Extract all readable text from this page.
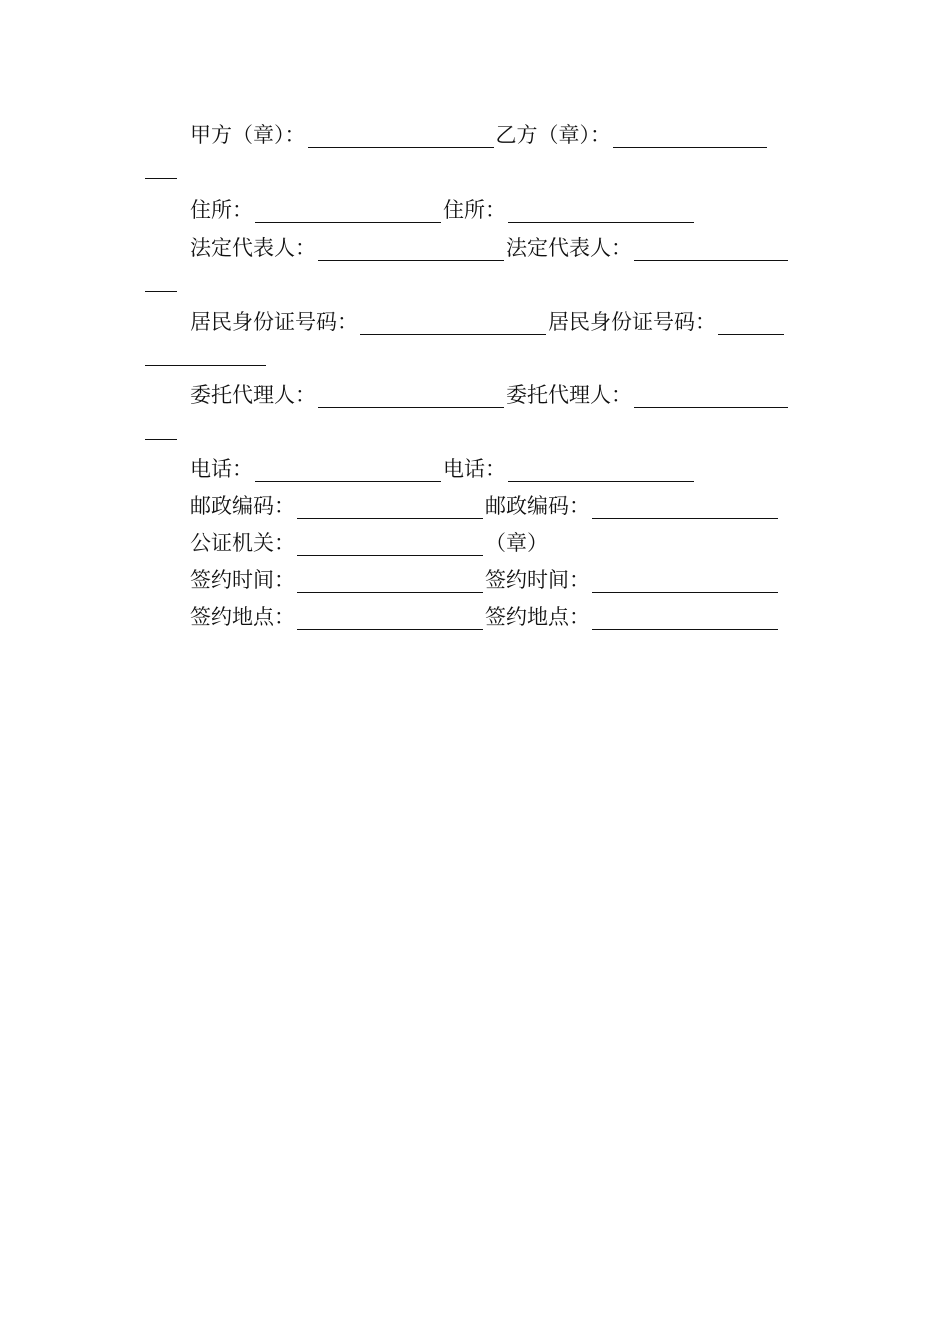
甲方（章）：	乙方（章）：
住所：	住所：
法定代表人：	法定代表人：
居民身份证号码：	居民身份证号码：
委托代理人：	委托代理人：
电话：	电话：
邮政编码：	邮政编码：
公证机关：	（章）
签约时间：	签约时间：
签约地点：	签约地点：
